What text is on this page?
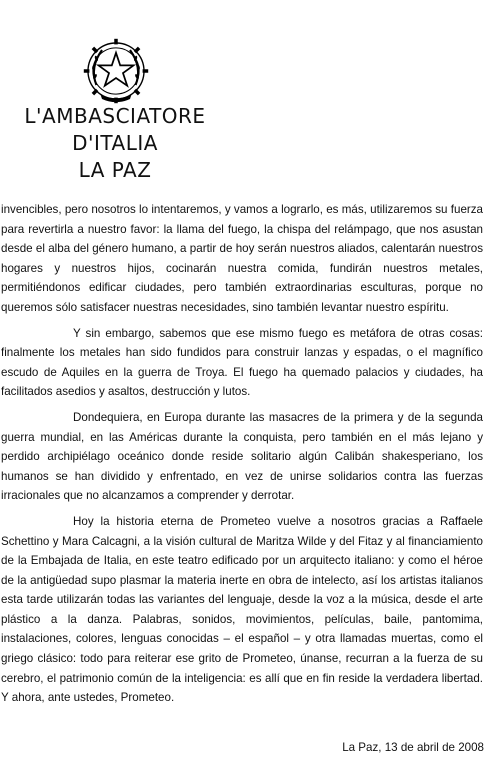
L'AMBASCIATORE
D'ITALIA
LA PAZ

invencibles, pero nosotros lo intentaremos, y vamos a lograrlo, es más, utilizaremos su fuerza para revertirla a nuestro favor: la llama del fuego, la chispa del relámpago, que nos asustan desde el alba del género humano, a partir de hoy serán nuestros aliados, calentarán nuestros hogares y nuestros hijos, cocinarán nuestra comida, fundirán nuestros metales, permitiéndonos edificar ciudades, pero también extraordinarias esculturas, porque no queremos sólo satisfacer nuestras necesidades, sino también levantar nuestro espíritu.

Y sin embargo, sabemos que ese mismo fuego es metáfora de otras cosas: finalmente los metales han sido fundidos para construir lanzas y espadas, o el magnífico escudo de Aquiles en la guerra de Troya. El fuego ha quemado palacios y ciudades, ha facilitados asedios y asaltos, destrucción y lutos.

Dondequiera, en Europa durante las masacres de la primera y de la segunda guerra mundial, en las Américas durante la conquista, pero también en el más lejano y perdido archipiélago oceánico donde reside solitario algún Calibán shakesperiano, los humanos se han dividido y enfrentado, en vez de unirse solidarios contra las fuerzas irracionales que no alcanzamos a comprender y derrotar.

Hoy la historia eterna de Prometeo vuelve a nosotros gracias a Raffaele Schettino y Mara Calcagni, a la visión cultural de Maritza Wilde y del Fitaz y al financiamiento de la Embajada de Italia, en este teatro edificado por un arquitecto italiano: y como el héroe de la antigüedad supo plasmar la materia inerte en obra de intelecto, así los artistas italianos esta tarde utilizarán todas las variantes del lenguaje, desde la voz a la música, desde el arte plástico a la danza. Palabras, sonidos, movimientos, películas, baile, pantomima, instalaciones, colores, lenguas conocidas – el español – y otra llamadas muertas, como el griego clásico: todo para reiterar ese grito de Prometeo, únanse, recurran a la fuerza de su cerebro, el patrimonio común de la inteligencia: es allí que en fin reside la verdadera libertad. Y ahora, ante ustedes, Prometeo.

La Paz, 13 de abril de 2008
